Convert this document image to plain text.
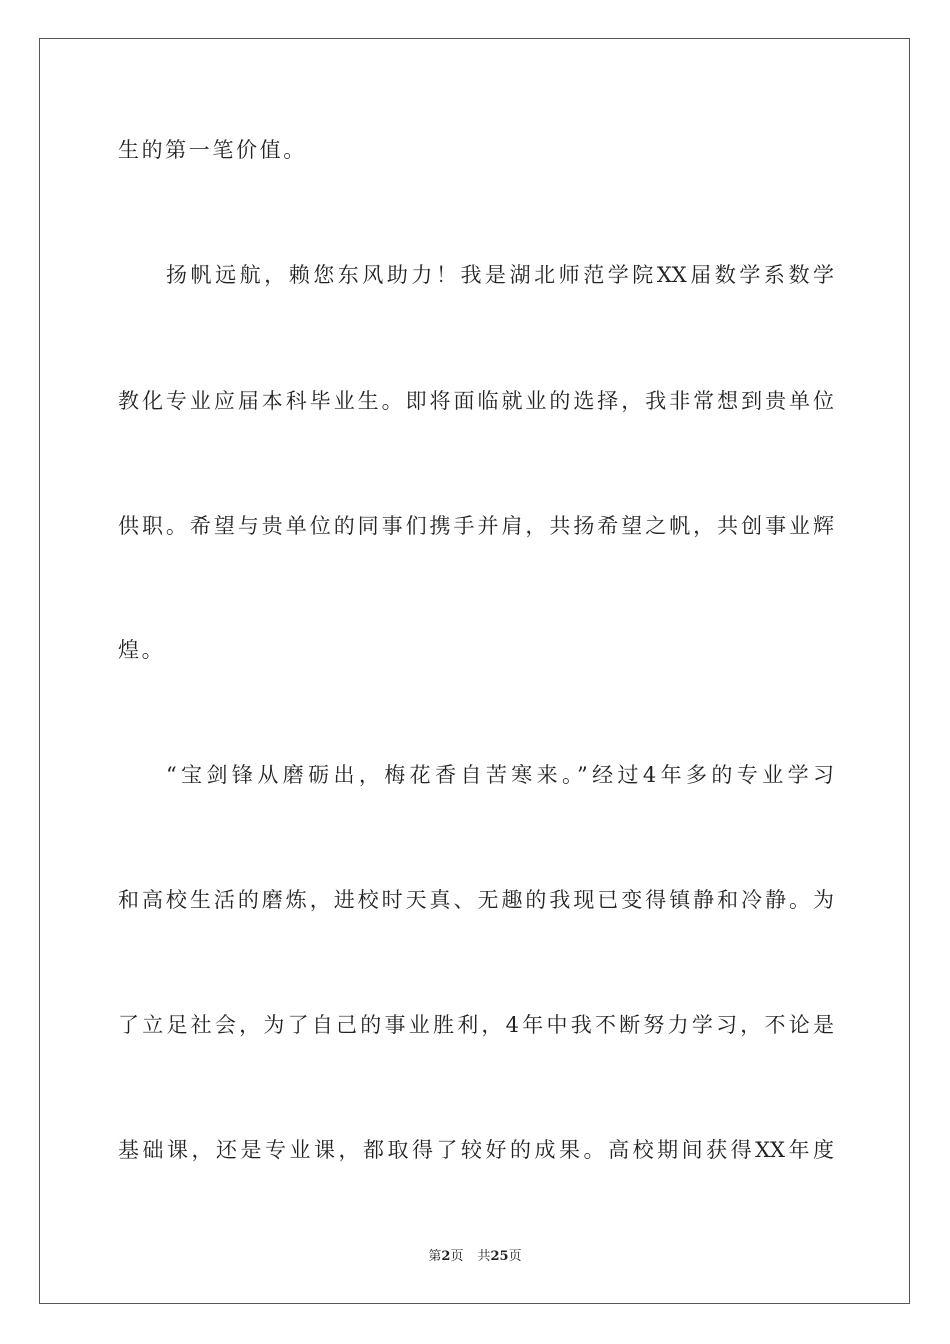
生的第一笔价值。
扬帆远航，赖您东风助力！我是湖北师范学院XX届数学系数学
教化专业应届本科毕业生。即将面临就业的选择，我非常想到贵单位
供职。希望与贵单位的同事们携手并肩，共扬希望之帆，共创事业辉
煌。
“宝剑锋从磨砺出，梅花香自苦寒来。”经过4年多的专业学习
和高校生活的磨炼，进校时天真、无趣的我现已变得镇静和冷静。为
了立足社会，为了自己的事业胜利，4年中我不断努力学习，不论是
基础课，还是专业课，都取得了较好的成果。高校期间获得XX年度
第2页 共25页
